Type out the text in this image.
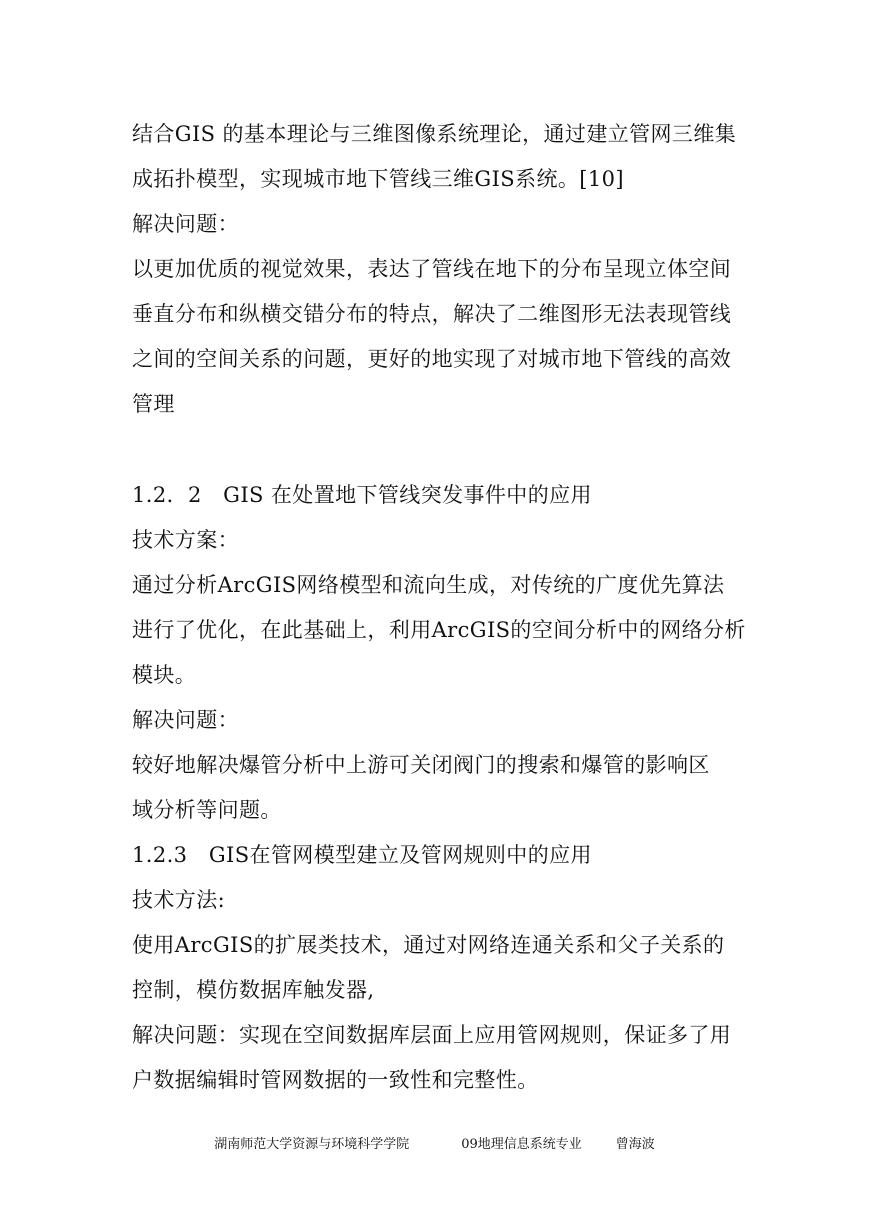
结合GIS 的基本理论与三维图像系统理论，通过建立管网三维集
成拓扑模型，实现城市地下管线三维GIS系统。[10]
解决问题：
以更加优质的视觉效果，表达了管线在地下的分布呈现立体空间
垂直分布和纵横交错分布的特点，解决了二维图形无法表现管线
之间的空间关系的问题，更好的地实现了对城市地下管线的高效
管理
1.2．2　GIS 在处置地下管线突发事件中的应用
技术方案：
通过分析ArcGIS网络模型和流向生成，对传统的广度优先算法
进行了优化，在此基础上，利用ArcGIS的空间分析中的网络分析
模块。
解决问题：
较好地解决爆管分析中上游可关闭阀门的搜索和爆管的影响区
域分析等问题。
1.2.3　GIS在管网模型建立及管网规则中的应用
技术方法:
使用ArcGIS的扩展类技术，通过对网络连通关系和父子关系的
控制，模仿数据库触发器,
解决问题：实现在空间数据库层面上应用管网规则，保证多了用
户数据编辑时管网数据的一致性和完整性。
湖南师范大学资源与环境科学学院	09地理信息系统专业	曾海波
